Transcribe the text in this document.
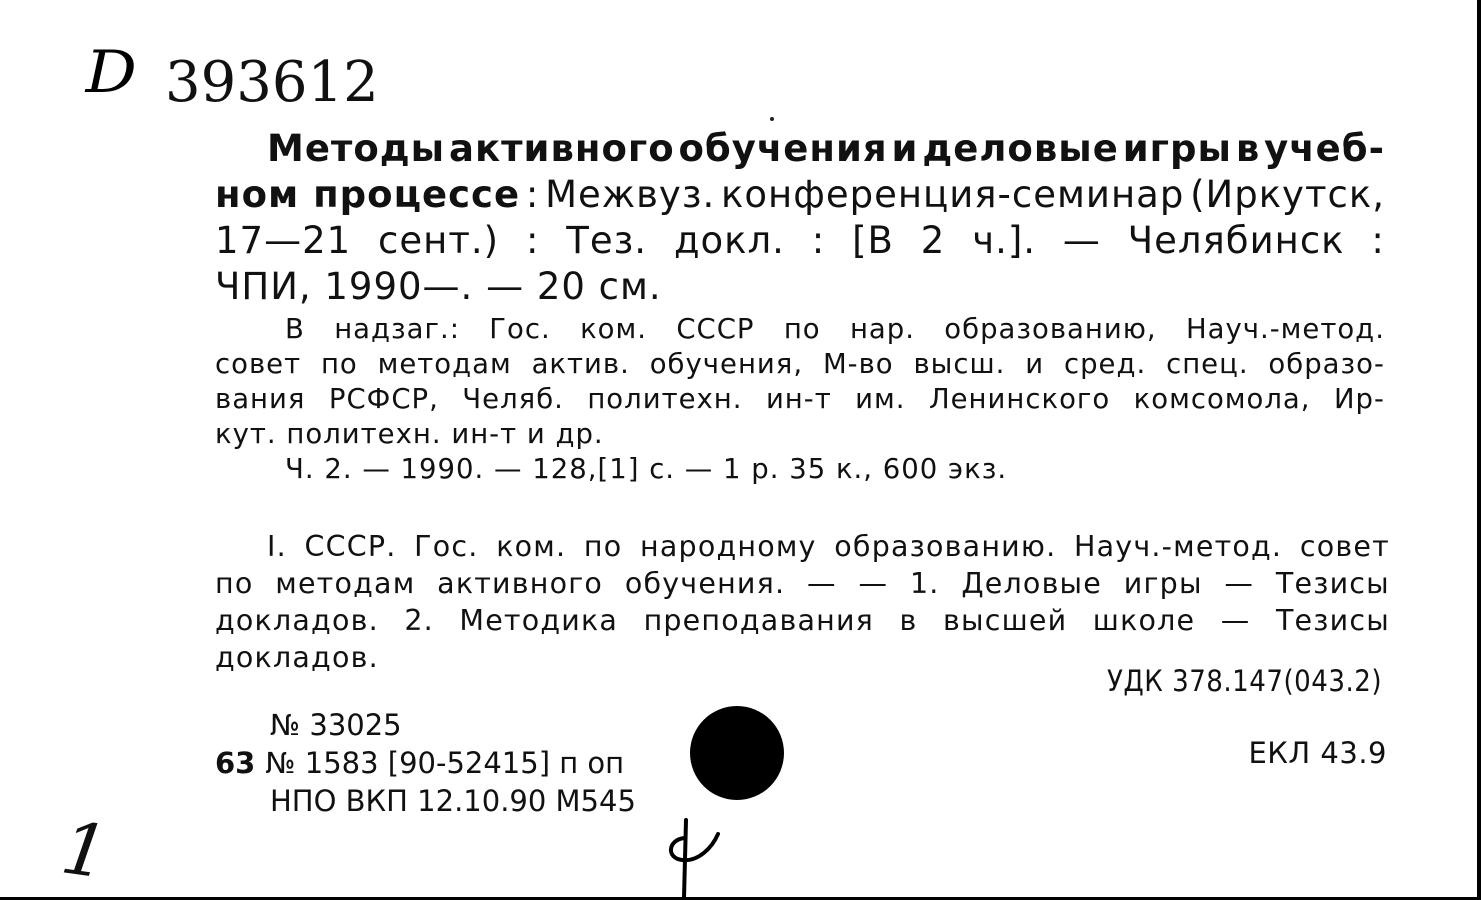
D 393612
Методы активного обучения и деловые игры в учеб-
ном процессе : Межвуз. конференция-семинар (Иркутск,
17—21 сент.) : Тез. докл. : [В 2 ч.]. — Челябинск :
ЧПИ, 1990—. — 20 см.
В надзаг.: Гос. ком. СССР по нар. образованию, Науч.-метод.
совет по методам актив. обучения, М-во высш. и сред. спец. образо-
вания РСФСР, Челяб. политехн. ин-т им. Ленинского комсомола, Ир-
кут. политехн. ин-т и др.
Ч. 2. — 1990. — 128,[1] с. — 1 р. 35 к., 600 экз.
I. СССР. Гос. ком. по народному образованию. Науч.-метод. совет
по методам активного обучения. — — 1. Деловые игры — Тезисы
докладов. 2. Методика преподавания в высшей школе — Тезисы
докладов.
УДК 378.147(043.2)
ЕКЛ 43.9
№ 33025
63 № 1583 [90-52415] п оп
НПО ВКП 12.10.90 М545
1
